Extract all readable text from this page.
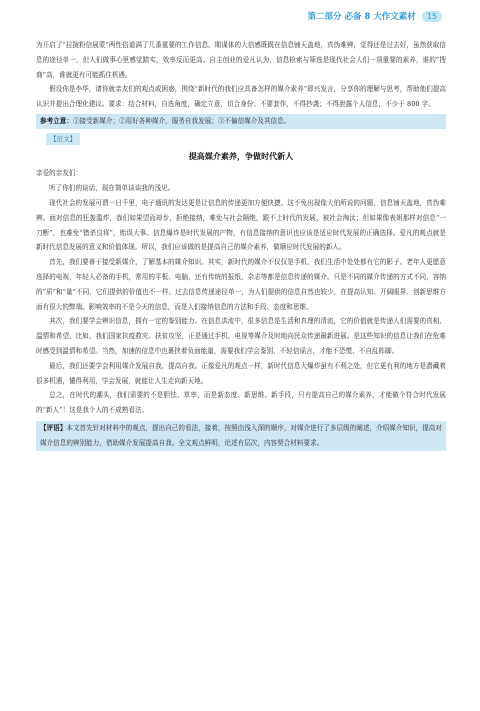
第二部分 必备 8 大作文素材	15

为开启了“拉拢粉信展蒙”两性俗道满了几番重要的工作信息。期谋体的大信感既既在信息铺天盖地，真伪难辨，觉得还是过去好，虽然获取信息的途径单一，但人们做事心里感觉踏实，效率反而更高。自主创业的爱凡认为，信息检索与筛选是现代社会人们一项重要的素养，谁的“搜商”高，谁就更有可能抓住机遇。

假设你是李华，请你就亲友们的观点或困惑，围绕“新时代的我们应具备怎样的媒介素养”即兴发言，分享你的理解与思考，帮助他们提高认识并提出合理化建议。要求：结合材料，自选角度，确定立意，切合身份；不要套作，不得抄袭；不得泄露个人信息，不少于 800 字。

参考立意：①接受新媒介；②用好各种媒介，服务自我发展；③不偏信媒介及其信息。

【范文】
提高媒介素养，争做时代新人

亲爱的亲友们：

听了你们的谈话，现在简单谈谈我的浅见。

现代社会的发展可谓一日千里，电子通讯的发达更是让信息的传递更加方便快捷。这不免出现像大伯所说的问题，信息铺天盖地，真伪难辨。面对信息的狂轰滥炸，我们如果望而却步，拒绝接纳，难免与社会隔绝，跟不上时代的发展，被社会淘汰；但如果像表姐那样对信息“一刀断”，也难免“错杀良将”，贻误大事。信息爆炸是时代发展的产物，有信息接纳的意识也应该是适应时代发展的正确选择。爱凡的观点就是新时代信息发展的意义和价值体现。所以，我们应该做的是提高自己的媒介素养，做顺应时代发展的新人。

首先，我们要善于接受新媒介，了解基本的媒介知识。其实，新时代的媒介不仅仅是手机，我们生活中处处都有它的影子。老年人更愿意选择的电视，年轻人必备的手机，常用的平板、电脑，还有传统的报纸、杂志等都是信息传递的媒介。只是不同的媒介传递的方式不同，容纳的“质”和“量”不同，它们提供的价值也不一样。过去信息传递途径单一，为人们提供的信息自然也较少，在提高认知、开阔眼界、创新思维方面有很大的弊端。影响效率的不是今天的信息，而是人们接纳信息的方法和手段、态度和思维。

其次，我们要学会辨识信息，拥有一定的鉴别能力。在信息洪流中，很多信息是生活和真理的清流，它的价值就是传递人们需要的真相、温情和希望。比如，我们国家抗疫救灾、扶贫攻坚，正是通过手机、电视等媒介及时地向民众传递最新进展。是这些知识的信息让我们在危难时感受到温情和希望。当然，加速的信息中也裹挟着负面能量，需要我们学会鉴别，不轻信谣言，才能不恐慌、不自乱阵脚。

最后，我们还要学会利用媒介发展自我，提高自我。正像爱凡的观点一样，新时代信息大爆炸虽有不利之处，但它更有利的地方是潜藏着很多机遇，懂得利用，学会发展，就能让人生走向新天地。

总之，在时代的潮头，我们需要的不是胆怯、草率，而是新态度、新思维、新手段，只有提高自己的媒介素养，才能做个符合时代发展的“新人”！这是我个人的不成熟看法。

【评语】本文首先针对材料中的观点，提出自己的看法，接着，按照由浅入深的顺序，对媒介进行了多层级的阐述，介绍媒介知识，提高对媒介信息的辨别能力，借助媒介发展提高自我。全文观点鲜明，论述有层次，内容契合材料要求。
